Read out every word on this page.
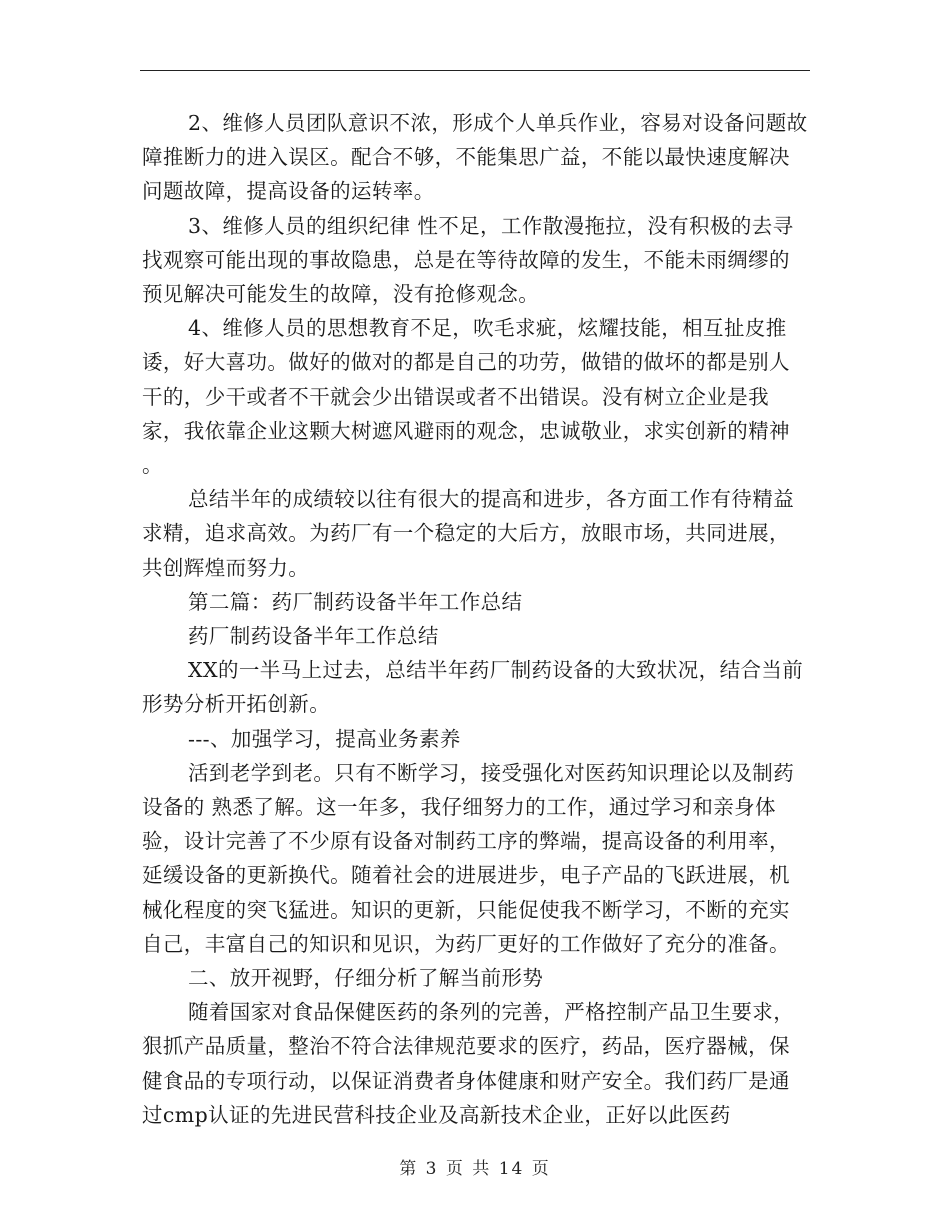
2、维修人员团队意识不浓，形成个人单兵作业，容易对设备问题故障推断力的进入误区。配合不够，不能集思广益，不能以最快速度解决问题故障，提高设备的运转率。

3、维修人员的组织纪律 性不足，工作散漫拖拉，没有积极的去寻找观察可能出现的事故隐患，总是在等待故障的发生，不能未雨绸缪的预见解决可能发生的故障，没有抢修观念。

4、维修人员的思想教育不足，吹毛求疵，炫耀技能，相互扯皮推诿，好大喜功。做好的做对的都是自己的功劳，做错的做坏的都是别人干的，少干或者不干就会少出错误或者不出错误。没有树立企业是我家，我依靠企业这颗大树遮风避雨的观念，忠诚敬业，求实创新的精神 。

总结半年的成绩较以往有很大的提高和进步，各方面工作有待精益求精，追求高效。为药厂有一个稳定的大后方，放眼市场，共同进展，共创辉煌而努力。

第二篇：药厂制药设备半年工作总结

药厂制药设备半年工作总结

XX的一半马上过去，总结半年药厂制药设备的大致状况，结合当前形势分析开拓创新。

---、加强学习，提高业务素养

活到老学到老。只有不断学习，接受强化对医药知识理论以及制药设备的 熟悉了解。这一年多，我仔细努力的工作，通过学习和亲身体验，设计完善了不少原有设备对制药工序的弊端，提高设备的利用率，延缓设备的更新换代。随着社会的进展进步，电子产品的飞跃进展，机械化程度的突飞猛进。知识的更新，只能促使我不断学习，不断的充实自己，丰富自己的知识和见识，为药厂更好的工作做好了充分的准备。

二、放开视野，仔细分析了解当前形势

随着国家对食品保健医药的条列的完善，严格控制产品卫生要求，狠抓产品质量，整治不符合法律规范要求的医疗，药品，医疗器械，保健食品的专项行动，以保证消费者身体健康和财产安全。我们药厂是通过cmp认证的先进民营科技企业及高新技术企业，正好以此医药

第 3 页 共 14 页
